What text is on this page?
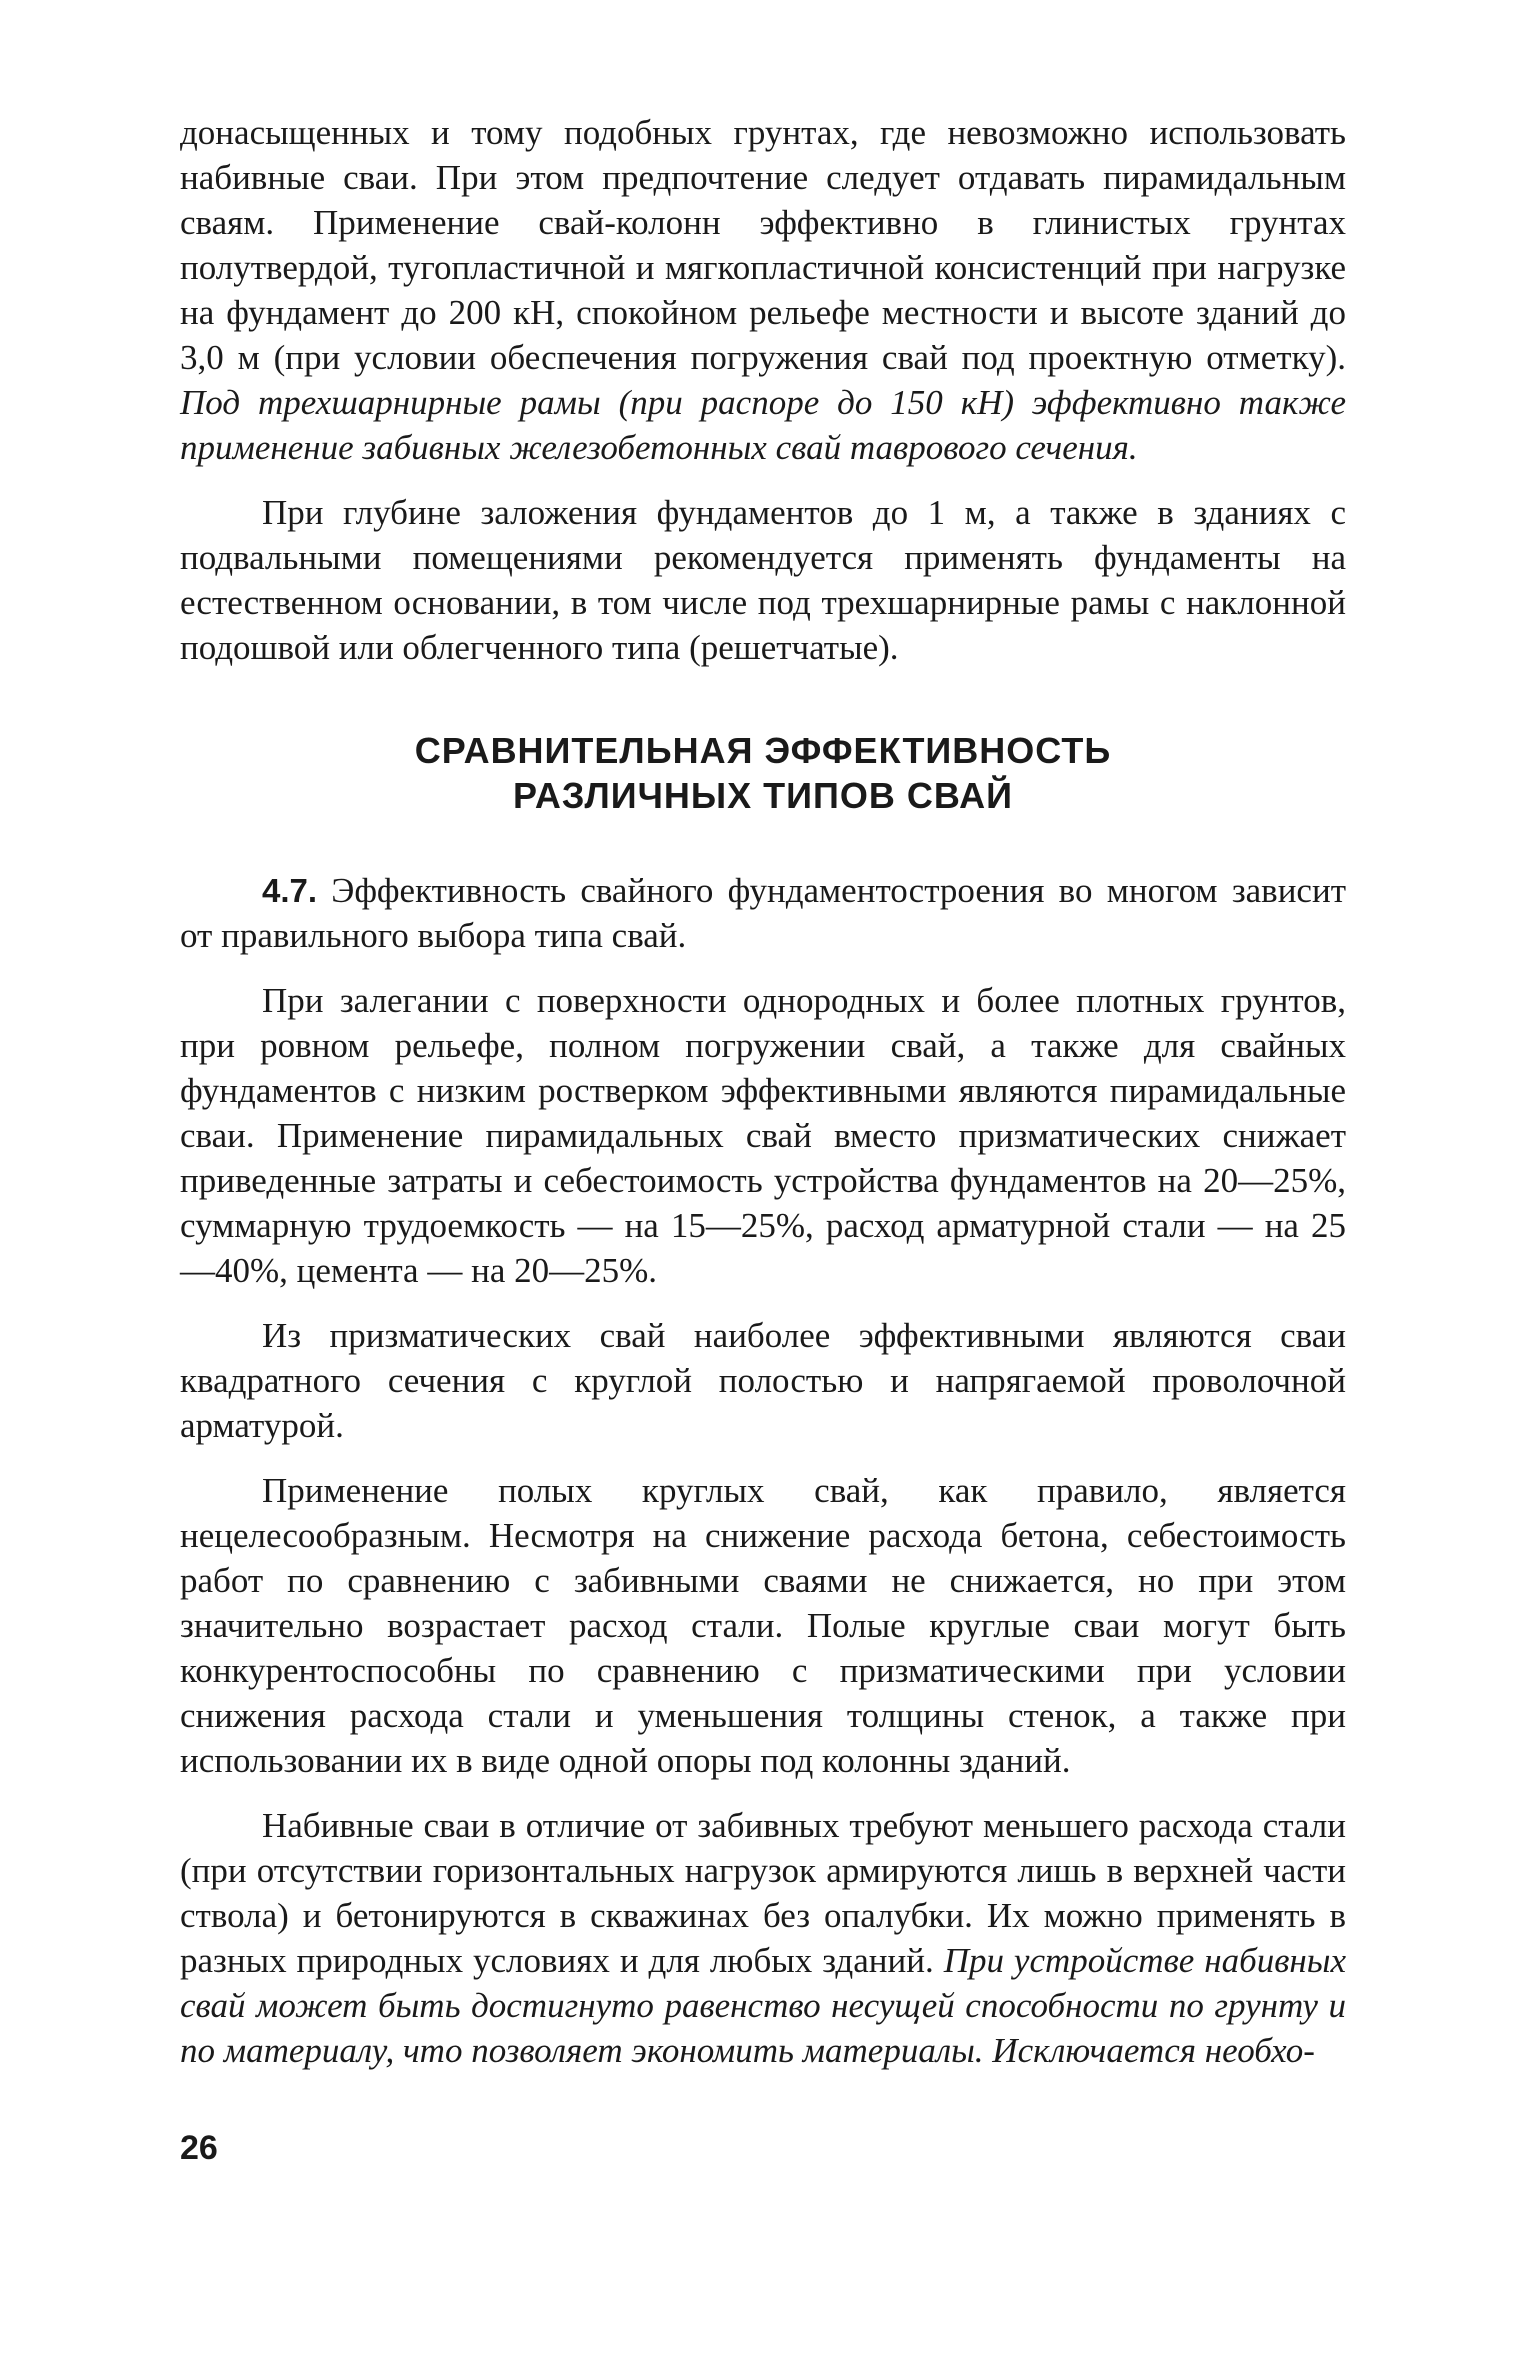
донасыщенных и тому подобных грунтах, где невозможно использовать набивные сваи. При этом предпочтение следует отдавать пирамидальным сваям. Применение свай-колонн эффективно в глинистых грунтах полутвердой, тугопластичной и мягкопластичной консистенций при нагрузке на фундамент до 200 кН, спокойном рельефе местности и высоте зданий до 3,0 м (при условии обеспечения погружения свай под проектную отметку). Под трехшарнирные рамы (при распоре до 150 кН) эффективно также применение забивных железобетонных свай таврового сечения.

При глубине заложения фундаментов до 1 м, а также в зданиях с подвальными помещениями рекомендуется применять фундаменты на естественном основании, в том числе под трехшарнирные рамы с наклонной подошвой или облегченного типа (решетчатые).

СРАВНИТЕЛЬНАЯ ЭФФЕКТИВНОСТЬ
РАЗЛИЧНЫХ ТИПОВ СВАЙ

4.7. Эффективность свайного фундаментостроения во многом зависит от правильного выбора типа свай.

При залегании с поверхности однородных и более плотных грунтов, при ровном рельефе, полном погружении свай, а также для свайных фундаментов с низким ростверком эффективными являются пирамидальные сваи. Применение пирамидальных свай вместо призматических снижает приведенные затраты и себестоимость устройства фундаментов на 20—25%, суммарную трудоемкость — на 15—25%, расход арматурной стали — на 25—40%, цемента — на 20—25%.

Из призматических свай наиболее эффективными являются сваи квадратного сечения с круглой полостью и напрягаемой проволочной арматурой.

Применение полых круглых свай, как правило, является нецелесообразным. Несмотря на снижение расхода бетона, себестоимость работ по сравнению с забивными сваями не снижается, но при этом значительно возрастает расход стали. Полые круглые сваи могут быть конкурентоспособны по сравнению с призматическими при условии снижения расхода стали и уменьшения толщины стенок, а также при использовании их в виде одной опоры под колонны зданий.

Набивные сваи в отличие от забивных требуют меньшего расхода стали (при отсутствии горизонтальных нагрузок армируются лишь в верхней части ствола) и бетонируются в скважинах без опалубки. Их можно применять в разных природных условиях и для любых зданий. При устройстве набивных свай может быть достигнуто равенство несущей способности по грунту и по материалу, что позволяет экономить материалы. Исключается необхо-

26
